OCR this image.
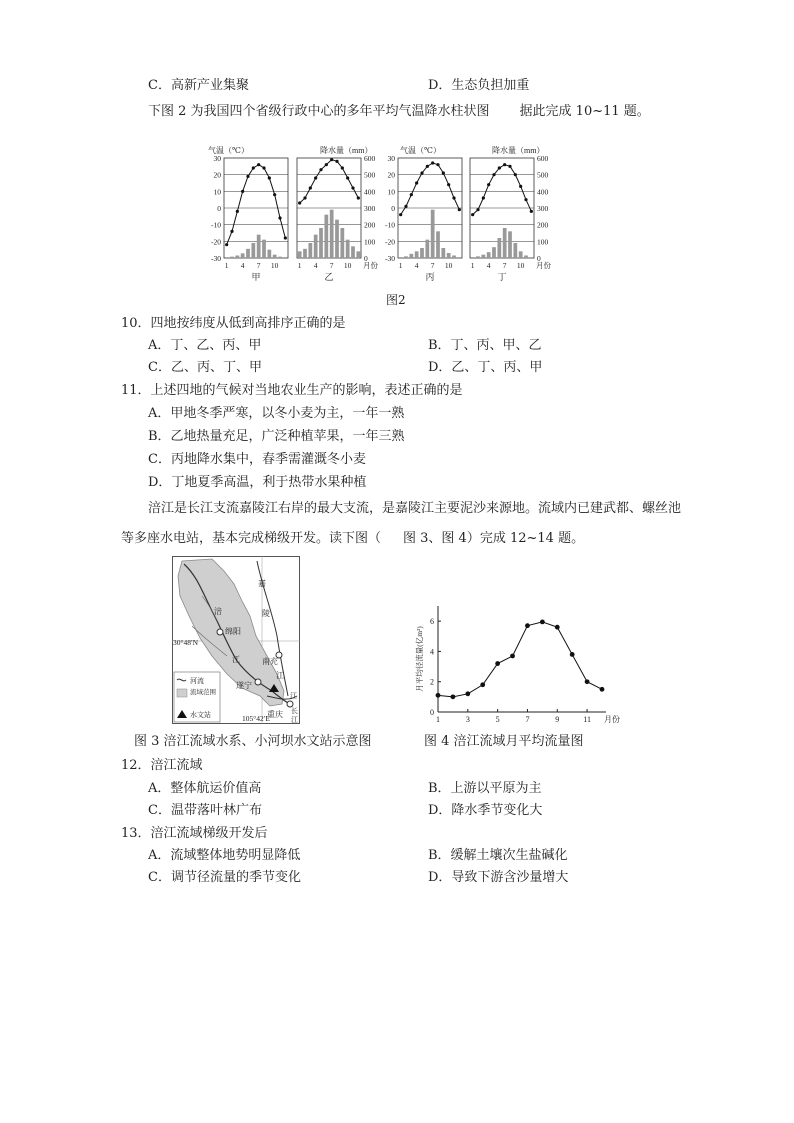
C．高新产业集聚	D．生态负担加重
下图 2 为我国四个省级行政中心的多年平均气温降水柱状图 据此完成 10~11 题。
气温（℃）	降水量（mm）	气温（℃）	降水量（mm）
30
20
10
0
-10
-20
-30
1 4 7 10
甲
600
500
400
300
200
100
0
1 4 7 10 月份
乙
30
20
10
0
-10
-20
-30
1 4 7 10
丙
600
500
400
300
200
100
0
1 4 7 10 月份
丁
图2
10．四地按纬度从低到高排序正确的是
A．丁、乙、丙、甲	B．丁、丙、甲、乙
C．乙、丙、丁、甲	D．乙、丁、丙、甲
11．上述四地的气候对当地农业生产的影响，表述正确的是
A．甲地冬季严寒，以冬小麦为主，一年一熟
B．乙地热量充足，广泛种植苹果，一年三熟
C．丙地降水集中，春季需灌溉冬小麦
D．丁地夏季高温，利于热带水果种植
涪江是长江支流嘉陵江右岸的最大支流，是嘉陵江主要泥沙来源地。流域内已建武都、螺丝池
等多座水电站，基本完成梯级开发。读下图（ 图 3、图 4）完成 12~14 题。
绵阳
遂宁
南充
重庆
嘉
陵
涪
江
江
江
长
江
30°48′N
105°42′E
河流
流域范围
水文站
图 3 涪江流域水系、小河坝水文站示意图
0
2
4
6
1	3	5	7	9	11 月份
月平均径流量(亿m³)
图 4 涪江流域月平均流量图
12．涪江流域
A．整体航运价值高	B．上游以平原为主
C．温带落叶林广布	D．降水季节变化大
13．涪江流域梯级开发后
A．流域整体地势明显降低	B．缓解土壤次生盐碱化
C．调节径流量的季节变化	D．导致下游含沙量增大
